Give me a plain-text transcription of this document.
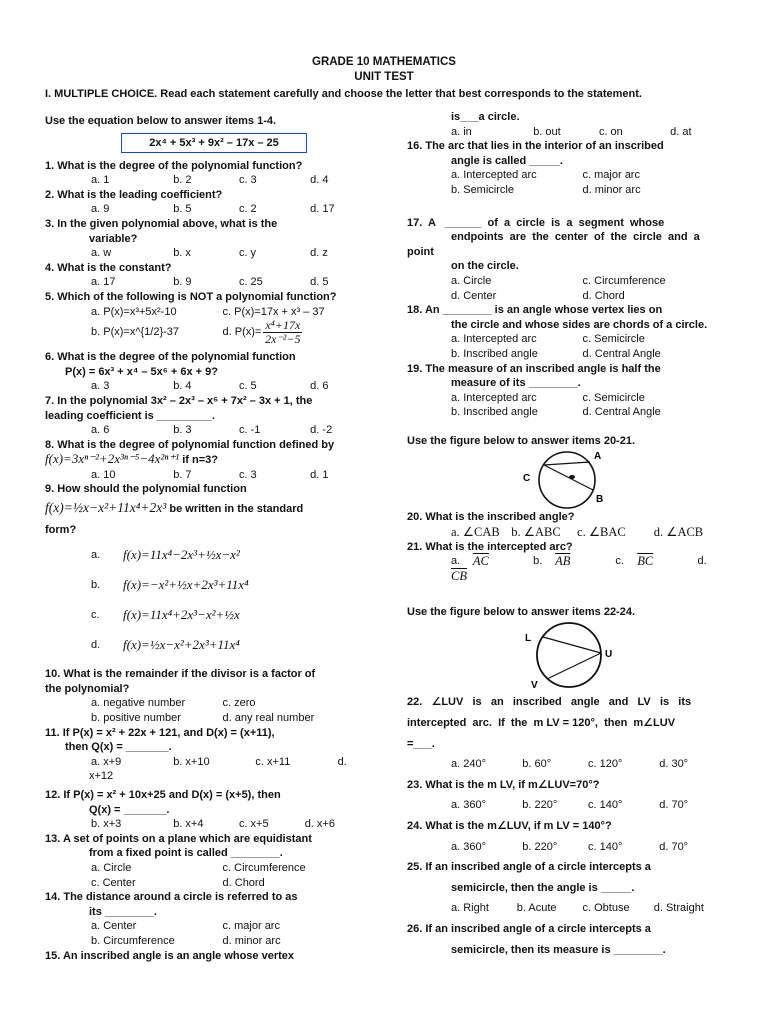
GRADE 10 MATHEMATICS
UNIT TEST
I. MULTIPLE CHOICE. Read each statement carefully and choose the letter that best corresponds to the statement.
Use the equation below to answer items 1-4.
2x⁴ + 5x³ + 9x² – 17x – 25
1. What is the degree of the polynomial function?
a. 1	b. 2	c. 3	d. 4
2. What is the leading coefficient?
a. 9	b. 5	c. 2	d. 17
3. In the given polynomial above, what is the
variable?
a. w	b. x	c. y	d. z
4. What is the constant?
a. 17	b. 9	c. 25	d. 5
5. Which of the following is NOT a polynomial function?
a. P(x)=x³+5x²-10	c. P(x)=17x + x³ – 37
b. P(x)=x^{1/2}-37	d. $P(x)= \frac{\text{x⁴+17x}}{\text{2x⁻²−5}}$
6. What is the degree of the polynomial function
P(x) = 6x³ + x⁴ – 5x⁶ + 6x + 9?
a. 3	b. 4	c. 5	d. 6
7. In the polynomial 3x² – 2x³ – x⁶ + 7x² – 3x + 1, the
leading coefficient is _________.
a. 6	b. 3	c. -1	d. -2
8. What is the degree of polynomial function defined by
f(x)=3xⁿ⁻²+2x³ⁿ⁻⁵−4x²ⁿ⁺¹ if n=3?
a. 10	b. 7	c. 3	d. 1
9. How should the polynomial function
f(x)=½x−x²+11x⁴+2x³ be written in the standard
form?
a.	f(x)=11x⁴−2x³+½x−x²
b.	f(x)=−x²+½x+2x³+11x⁴
c.	f(x)=11x⁴+2x³−x²+½x
d.	f(x)=½x−x²+2x³+11x⁴
10. What is the remainder if the divisor is a factor of
the polynomial?
a. negative number	c. zero
b. positive number	d. any real number
11. If P(x) = x² + 22x + 121, and D(x) = (x+11),
then Q(x) = _______.
a. x+9	b. x+10	c. x+11	d.
x+12
12. If P(x) = x² + 10x+25 and D(x) = (x+5), then
Q(x) = _______.
b. x+3	b. x+4	c. x+5	d. x+6
13. A set of points on a plane which are equidistant
from a fixed point is called ________.
a. Circle	c. Circumference
c. Center	d. Chord
14. The distance around a circle is referred to as
its ________.
a. Center	c. major arc
b. Circumference	d. minor arc
15. An inscribed angle is an angle whose vertex
is___a circle.
a. in	b. out	c. on	d. at
16. The arc that lies in the interior of an inscribed
angle is called _____.
a. Intercepted arc	c. major arc
b. Semicircle	d. minor arc
17.  A   ______  of  a  circle  is  a  segment  whose
endpoints  are  the  center  of  the  circle  and  a
point
on the circle.
a. Circle	c. Circumference
d. Center	d. Chord
18. An ________ is an angle whose vertex lies on
the circle and whose sides are chords of a circle.
a. Intercepted arc	c. Semicircle
b. Inscribed angle	d. Central Angle
19. The measure of an inscribed angle is half the
measure of its ________.
a. Intercepted arc	c. Semicircle
b. Inscribed angle	d. Central Angle
Use the figure below to answer items 20-21.
A
C
B
20. What is the inscribed angle?
a. ∠CAB b. ∠ABC	c. ∠BAC	d. ∠ACB
21. What is the intercepted arc?
a.	$\overline{AC}$	b.	$\overline{AB}$	c.	$\overline{BC}$	d.
$\overline{CB}$
Use the figure below to answer items 22-24.
L
U
V
22.   ∠LUV   is   an   inscribed   angle   and   LV   is   its
intercepted  arc.  If  the  m LV = 120°,  then  m∠LUV
=___.
a. 240°	b. 60°	c. 120°	d. 30°
23. What is the m LV, if m∠LUV=70°?
a. 360°	b. 220°	c. 140°	d. 70°
24. What is the m∠LUV, if m LV = 140°?
a. 360°	b. 220°	c. 140°	d. 70°
25. If an inscribed angle of a circle intercepts a
semicircle, then the angle is _____.
a. Right	b. Acute	c. Obtuse	d. Straight
26. If an inscribed angle of a circle intercepts a
semicircle, then its measure is ________.
